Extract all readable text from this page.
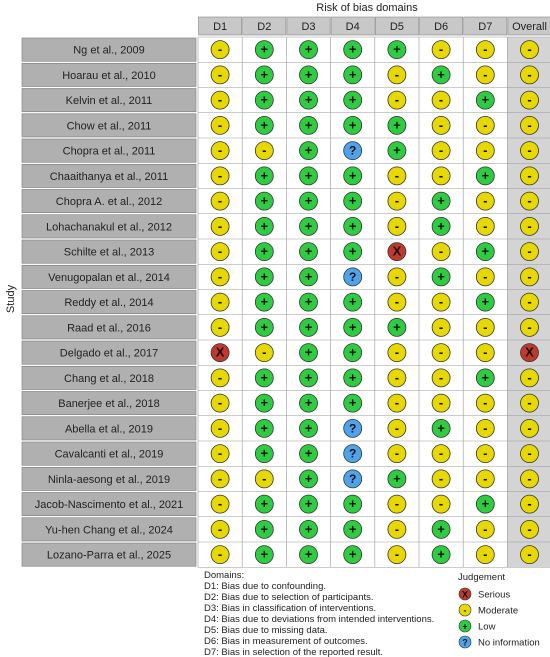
Risk of bias domains
Study
D1	D2	D3	D4	D5	D6	D7 Overall
Ng et al., 2009	-	+	+	+	+	-	-	-
Hoarau et al., 2010	-	+	+	+	-	+	-	-
Kelvin et al., 2011	-	+	+	+	-	-	+	-
Chow et al., 2011	-	+	+	+	+	-	-	-
Chopra et al., 2011	-	-	+	?	+	-	-	-
Chaaithanya et al., 2011	-	+	+	+	-	-	+	-
Chopra A. et al., 2012	-	+	+	+	-	+	-	-
Lohachanakul et al., 2012	-	+	+	+	-	+	-	-
Schilte et al., 2013	-	+	+	+	X	-	+	-
Venugopalan et al., 2014	-	+	+	?	-	+	-	-
Reddy et al., 2014	-	+	+	+	-	-	+	-
Raad et al., 2016	-	+	+	+	+	-	-	-
Delgado et al., 2017	X	-	+	+	-	-	-	X
Chang et al., 2018	-	+	+	+	-	-	+	-
Banerjee et al., 2018	-	+	+	+	-	-	-	-
Abella et al., 2019	-	+	+	?	-	+	-	-
Cavalcanti et al., 2019	-	+	+	?	-	-	-	-
Ninla-aesong et al., 2019	-	-	+	?	+	-	-	-
Jacob-Nascimento et al., 2021	-	+	+	+	-	-	+	-
Yu-hen Chang et al., 2024	-	+	+	+	-	+	-	-
Lozano-Parra et al., 2025	-	+	+	+	-	+	-	-
Domains:
D1: Bias due to confounding.
D2: Bias due to selection of participants.
D3: Bias in classification of interventions.
D4: Bias due to deviations from intended interventions.
D5: Bias due to missing data.
D6: Bias in measurement of outcomes.
D7: Bias in selection of the reported result.
Judgement
X Serious
- Moderate
+ Low
? No information
